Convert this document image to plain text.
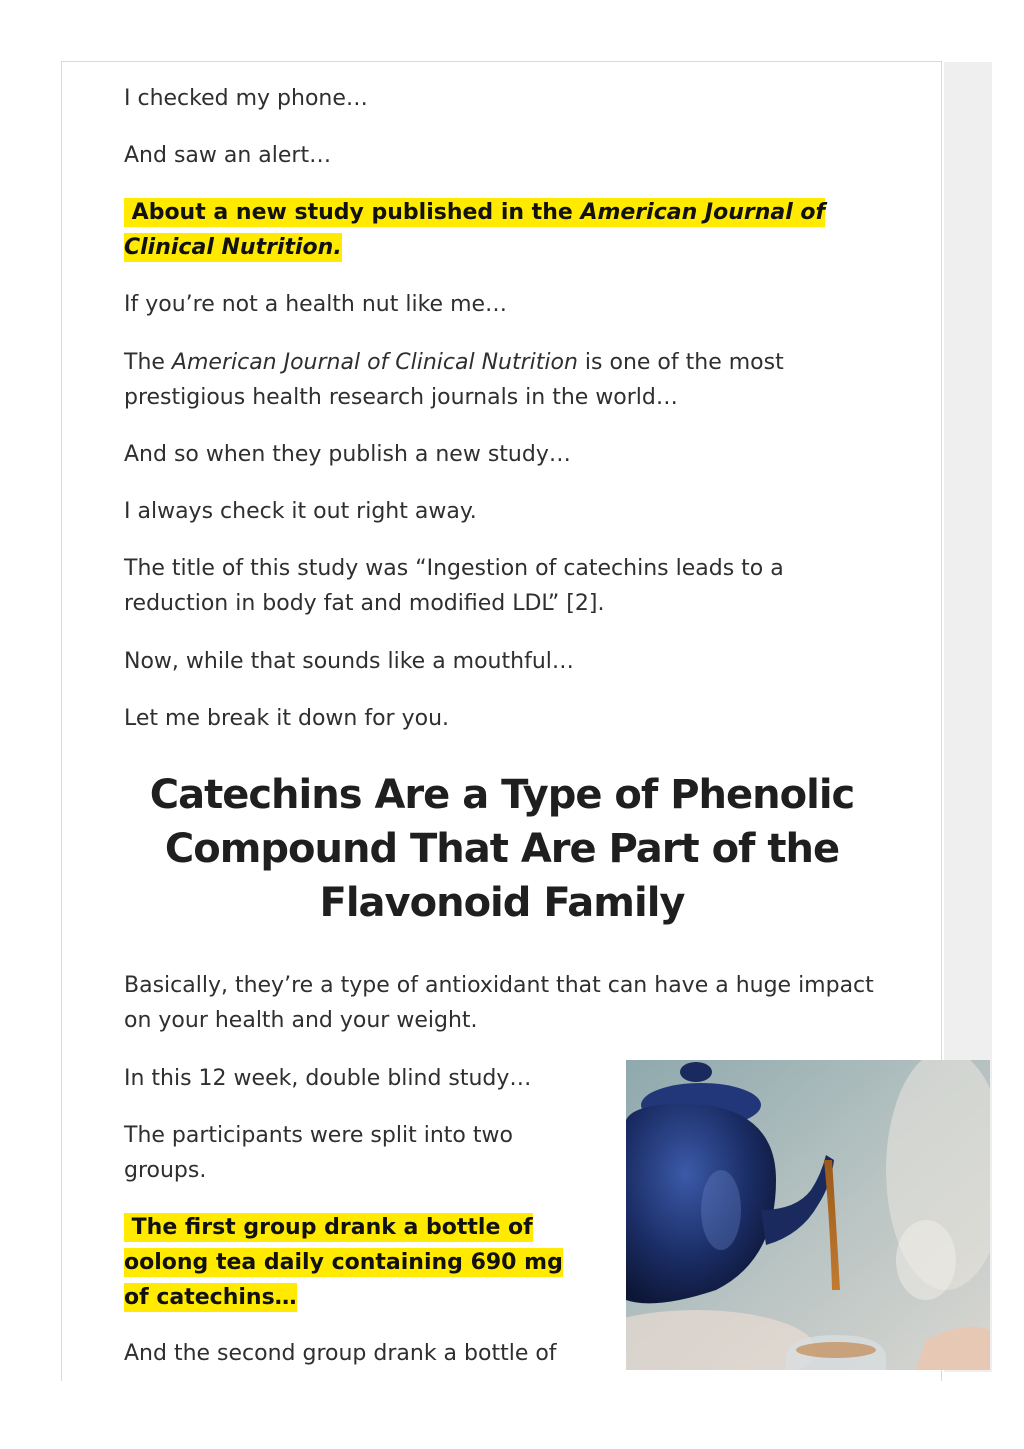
I checked my phone…

And saw an alert…

About a new study published in the American Journal of Clinical Nutrition.

If you’re not a health nut like me…

The American Journal of Clinical Nutrition is one of the most prestigious health research journals in the world…

And so when they publish a new study…

I always check it out right away.

The title of this study was “Ingestion of catechins leads to a reduction in body fat and modified LDL” [2].

Now, while that sounds like a mouthful…

Let me break it down for you.

Catechins Are a Type of Phenolic Compound That Are Part of the Flavonoid Family

Basically, they’re a type of antioxidant that can have a huge impact on your health and your weight.

In this 12 week, double blind study…

The participants were split into two groups.

The first group drank a bottle of oolong tea daily containing 690 mg of catechins…

And the second group drank a bottle of
